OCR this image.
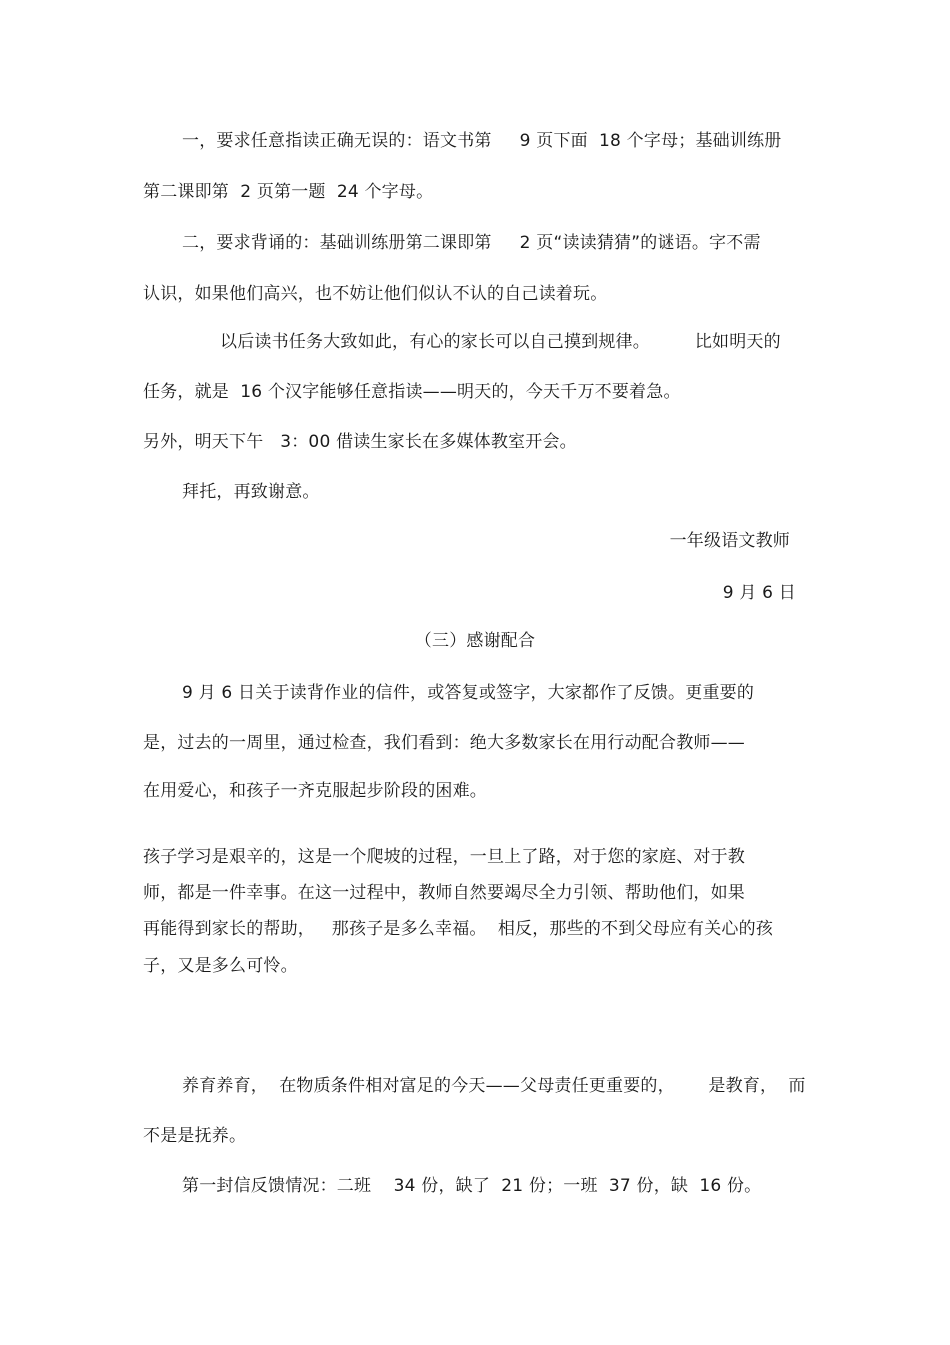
一，要求任意指读正确无误的：语文书第     9 页下面  18 个字母；基础训练册
第二课即第  2 页第一题  24 个字母。
二，要求背诵的：基础训练册第二课即第     2 页“读读猜猜”的谜语。字不需
认识，如果他们高兴，也不妨让他们似认不认的自己读着玩。
以后读书任务大致如此，有心的家长可以自己摸到规律。        比如明天的
任务，就是  16 个汉字能够任意指读——明天的，今天千万不要着急。
另外，明天下午   3：00 借读生家长在多媒体教室开会。
拜托，再致谢意。
一年级语文教师
9 月 6 日
（三）感谢配合
9 月 6 日关于读背作业的信件，或答复或签字，大家都作了反馈。更重要的
是，过去的一周里，通过检查，我们看到：绝大多数家长在用行动配合教师——
在用爱心，和孩子一齐克服起步阶段的困难。
孩子学习是艰辛的，这是一个爬坡的过程，一旦上了路，对于您的家庭、对于教
师，都是一件幸事。在这一过程中，教师自然要竭尽全力引领、帮助他们，如果
再能得到家长的帮助，   那孩子是多么幸福。  相反，那些的不到父母应有关心的孩
子，又是多么可怜。
养育养育，  在物质条件相对富足的今天——父母责任更重要的，      是教育，  而
不是是抚养。
第一封信反馈情况：二班    34 份，缺了  21 份；一班  37 份，缺  16 份。
